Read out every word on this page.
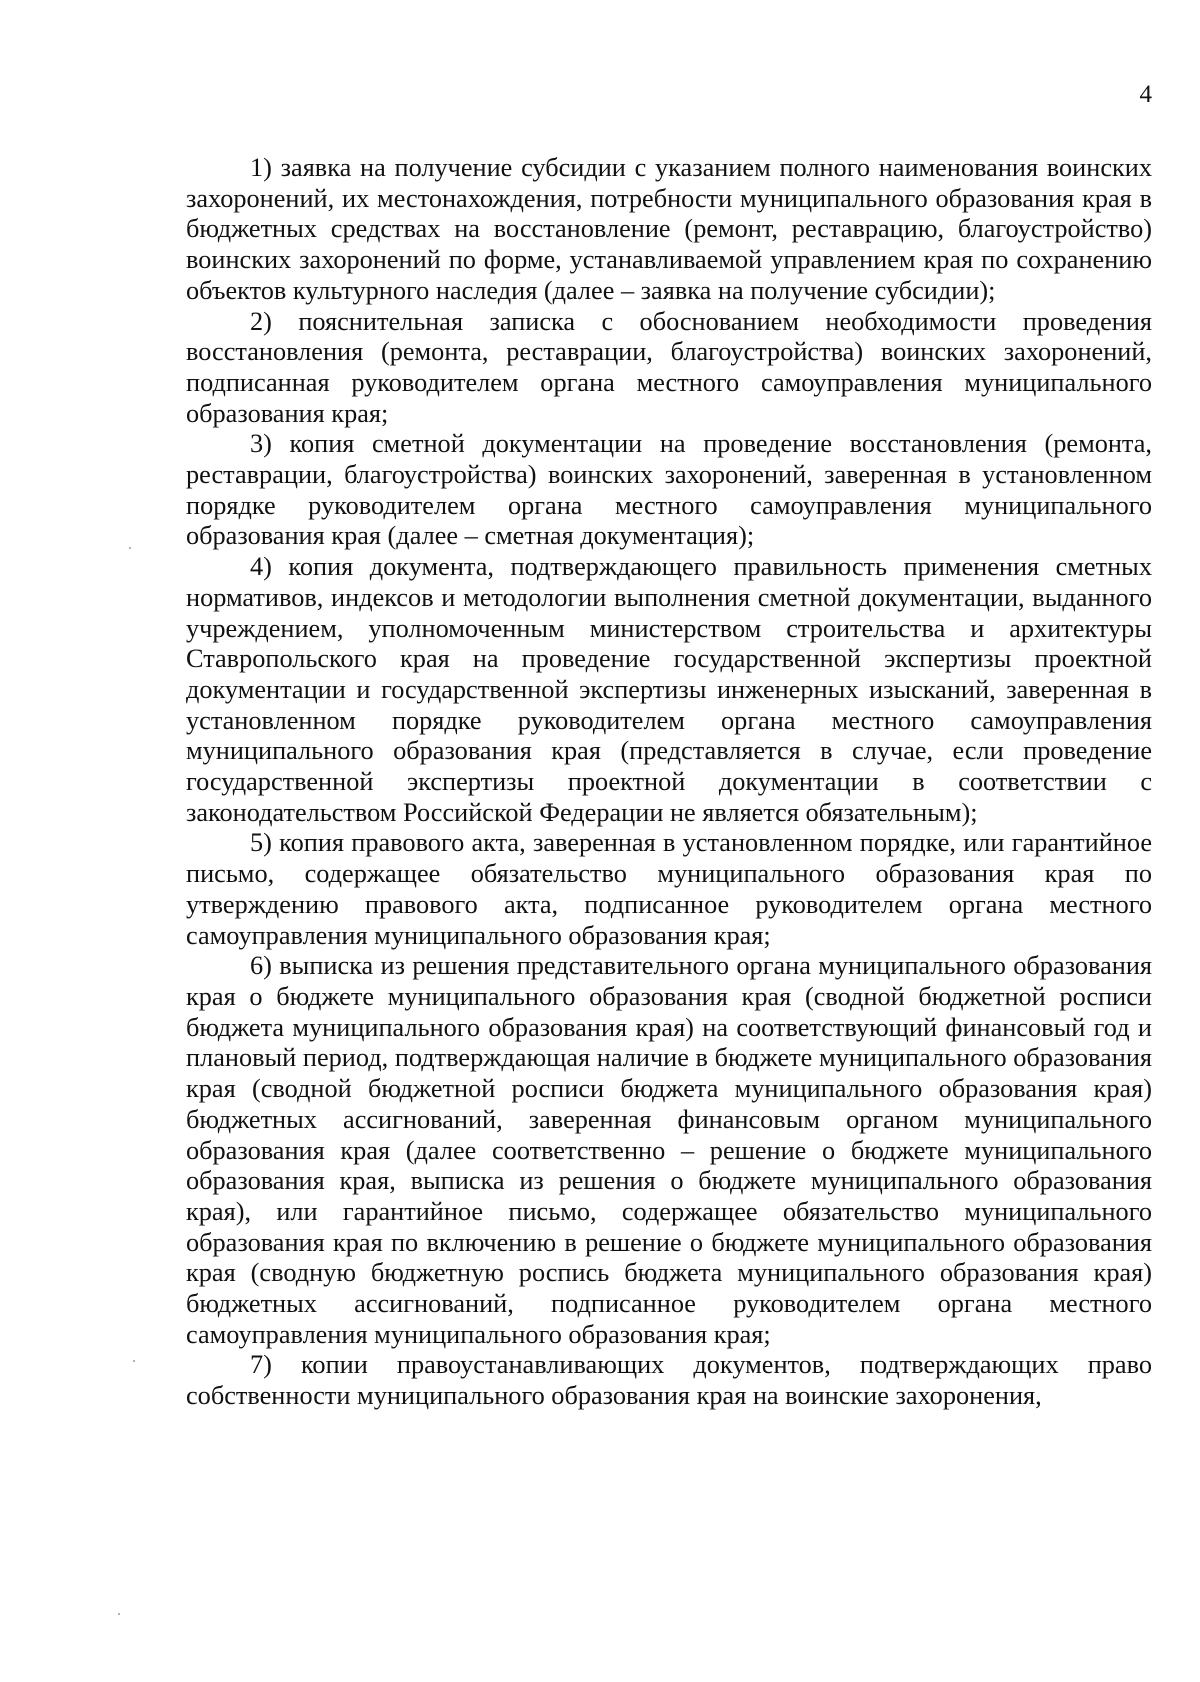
4

1) заявка на получение субсидии с указанием полного наименования воинских захоронений, их местонахождения, потребности муниципального образования края в бюджетных средствах на восстановление (ремонт, реставрацию, благоустройство) воинских захоронений по форме, устанавливаемой управлением края по сохранению объектов культурного наследия (далее – заявка на получение субсидии);

2) пояснительная записка с обоснованием необходимости проведения восстановления (ремонта, реставрации, благоустройства) воинских захоронений, подписанная руководителем органа местного самоуправления муниципального образования края;

3) копия сметной документации на проведение восстановления (ремонта, реставрации, благоустройства) воинских захоронений, заверенная в установленном порядке руководителем органа местного самоуправления муниципального образования края (далее – сметная документация);

4) копия документа, подтверждающего правильность применения сметных нормативов, индексов и методологии выполнения сметной документации, выданного учреждением, уполномоченным министерством строительства и архитектуры Ставропольского края на проведение государственной экспертизы проектной документации и государственной экспертизы инженерных изысканий, заверенная в установленном порядке руководителем органа местного самоуправления муниципального образования края (представляется в случае, если проведение государственной экспертизы проектной документации в соответствии с законодательством Российской Федерации не является обязательным);

5) копия правового акта, заверенная в установленном порядке, или гарантийное письмо, содержащее обязательство муниципального образования края по утверждению правового акта, подписанное руководителем органа местного самоуправления муниципального образования края;

6) выписка из решения представительного органа муниципального образования края о бюджете муниципального образования края (сводной бюджетной росписи бюджета муниципального образования края) на соответствующий финансовый год и плановый период, подтверждающая наличие в бюджете муниципального образования края (сводной бюджетной росписи бюджета муниципального образования края) бюджетных ассигнований, заверенная финансовым органом муниципального образования края (далее соответственно – решение о бюджете муниципального образования края, выписка из решения о бюджете муниципального образования края), или гарантийное письмо, содержащее обязательство муниципального образования края по включению в решение о бюджете муниципального образования края (сводную бюджетную роспись бюджета муниципального образования края) бюджетных ассигнований, подписанное руководителем органа местного самоуправления муниципального образования края;

7) копии правоустанавливающих документов, подтверждающих право собственности муниципального образования края на воинские захоронения,
